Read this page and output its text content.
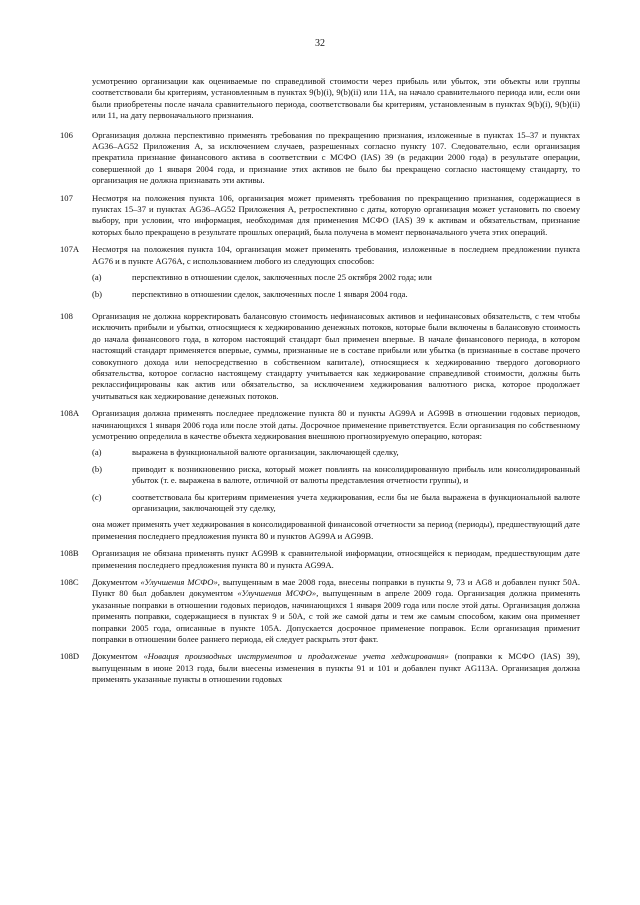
32
усмотрению организации как оцениваемые по справедливой стоимости через прибыль или убыток, эти объекты или группы соответствовали бы критериям, установленным в пунктах 9(b)(i), 9(b)(ii) или 11A, на начало сравнительного периода или, если они были приобретены после начала сравнительного периода, соответствовали бы критериям, установленным в пунктах 9(b)(i), 9(b)(ii) или 11, на дату первоначального признания.
106	Организация должна перспективно применять требования по прекращению признания, изложенные в пунктах 15–37 и пунктах AG36–AG52 Приложения A, за исключением случаев, разрешенных согласно пункту 107. Следовательно, если организация прекратила признание финансового актива в соответствии с МСФО (IAS) 39 (в редакции 2000 года) в результате операции, совершенной до 1 января 2004 года, и признание этих активов не было бы прекращено согласно настоящему стандарту, то организация не должна признавать эти активы.
107	Несмотря на положения пункта 106, организация может применять требования по прекращению признания, содержащиеся в пунктах 15–37 и пунктах AG36–AG52 Приложения A, ретроспективно с даты, которую организация может установить по своему выбору, при условии, что информация, необходимая для применения МСФО (IAS) 39 к активам и обязательствам, признание которых было прекращено в результате прошлых операций, была получена в момент первоначального учета этих операций.
107A	Несмотря на положения пункта 104, организация может применять требования, изложенные в последнем предложении пункта AG76 и в пункте AG76A, с использованием любого из следующих способов:
(a)	перспективно в отношении сделок, заключенных после 25 октября 2002 года; или
(b)	перспективно в отношении сделок, заключенных после 1 января 2004 года.
108	Организация не должна корректировать балансовую стоимость нефинансовых активов и нефинансовых обязательств, с тем чтобы исключить прибыли и убытки, относящиеся к хеджированию денежных потоков, которые были включены в балансовую стоимость до начала финансового года, в котором настоящий стандарт был применен впервые. В начале финансового периода, в котором настоящий стандарт применяется впервые, суммы, признанные не в составе прибыли или убытка (в признанные в составе прочего совокупного дохода или непосредственно в собственном капитале), относящиеся к хеджированию твердого договорного обязательства, которое согласно настоящему стандарту учитывается как хеджирование справедливой стоимости, должны быть реклассифицированы как актив или обязательство, за исключением хеджирования валютного риска, которое продолжает учитываться как хеджирование денежных потоков.
108A	Организация должна применять последнее предложение пункта 80 и пункты AG99A и AG99B в отношении годовых периодов, начинающихся 1 января 2006 года или после этой даты. Досрочное применение приветствуется. Если организация по собственному усмотрению определила в качестве объекта хеджирования внешнюю прогнозируемую операцию, которая:
(a)	выражена в функциональной валюте организации, заключающей сделку,
(b)	приводит к возникновению риска, который может повлиять на консолидированную прибыль или консолидированный убыток (т. е. выражена в валюте, отличной от валюты представления отчетности группы), и
(c)	соответствовала бы критериям применения учета хеджирования, если бы не была выражена в функциональной валюте организации, заключающей эту сделку,
она может применять учет хеджирования в консолидированной финансовой отчетности за период (периоды), предшествующий дате применения последнего предложения пункта 80 и пунктов AG99A и AG99B.
108B	Организация не обязана применять пункт AG99B к сравнительной информации, относящейся к периодам, предшествующим дате применения последнего предложения пункта 80 и пункта AG99A.
108C	Документом «Улучшения МСФО», выпущенным в мае 2008 года, внесены поправки в пункты 9, 73 и AG8 и добавлен пункт 50A. Пункт 80 был добавлен документом «Улучшения МСФО», выпущенным в апреле 2009 года. Организация должна применять указанные поправки в отношении годовых периодов, начинающихся 1 января 2009 года или после этой даты. Организация должна применять поправки, содержащиеся в пунктах 9 и 50A, с той же самой даты и тем же самым способом, каким она применяет поправки 2005 года, описанные в пункте 105A. Допускается досрочное применение поправок. Если организация применит поправки в отношении более раннего периода, ей следует раскрыть этот факт.
108D	Документом «Новация производных инструментов и продолжение учета хеджирования» (поправки к МСФО (IAS) 39), выпущенным в июне 2013 года, были внесены изменения в пункты 91 и 101 и добавлен пункт AG113A. Организация должна применять указанные пункты в отношении годовых
